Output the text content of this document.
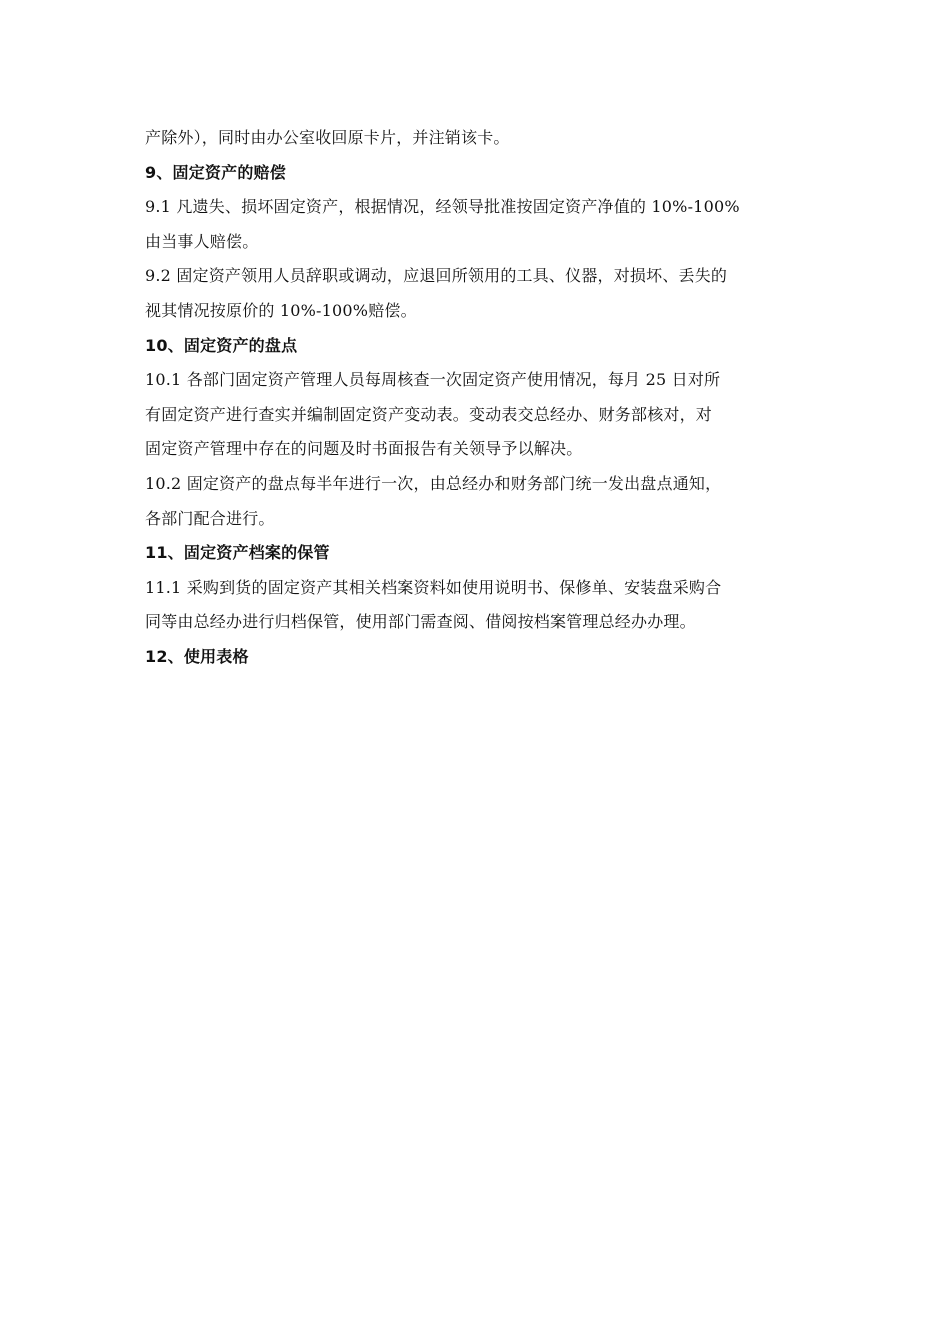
产除外），同时由办公室收回原卡片，并注销该卡。
9、固定资产的赔偿
9.1 凡遗失、损坏固定资产，根据情况，经领导批准按固定资产净值的 10%-100%
由当事人赔偿。
9.2 固定资产领用人员辞职或调动，应退回所领用的工具、仪器，对损坏、丢失的
视其情况按原价的 10%-100%赔偿。
10、固定资产的盘点
10.1 各部门固定资产管理人员每周核查一次固定资产使用情况，每月 25 日对所
有固定资产进行查实并编制固定资产变动表。变动表交总经办、财务部核对，对
固定资产管理中存在的问题及时书面报告有关领导予以解决。
10.2 固定资产的盘点每半年进行一次，由总经办和财务部门统一发出盘点通知，
各部门配合进行。
11、固定资产档案的保管
11.1 采购到货的固定资产其相关档案资料如使用说明书、保修单、安装盘采购合
同等由总经办进行归档保管，使用部门需查阅、借阅按档案管理总经办办理。
12、使用表格
